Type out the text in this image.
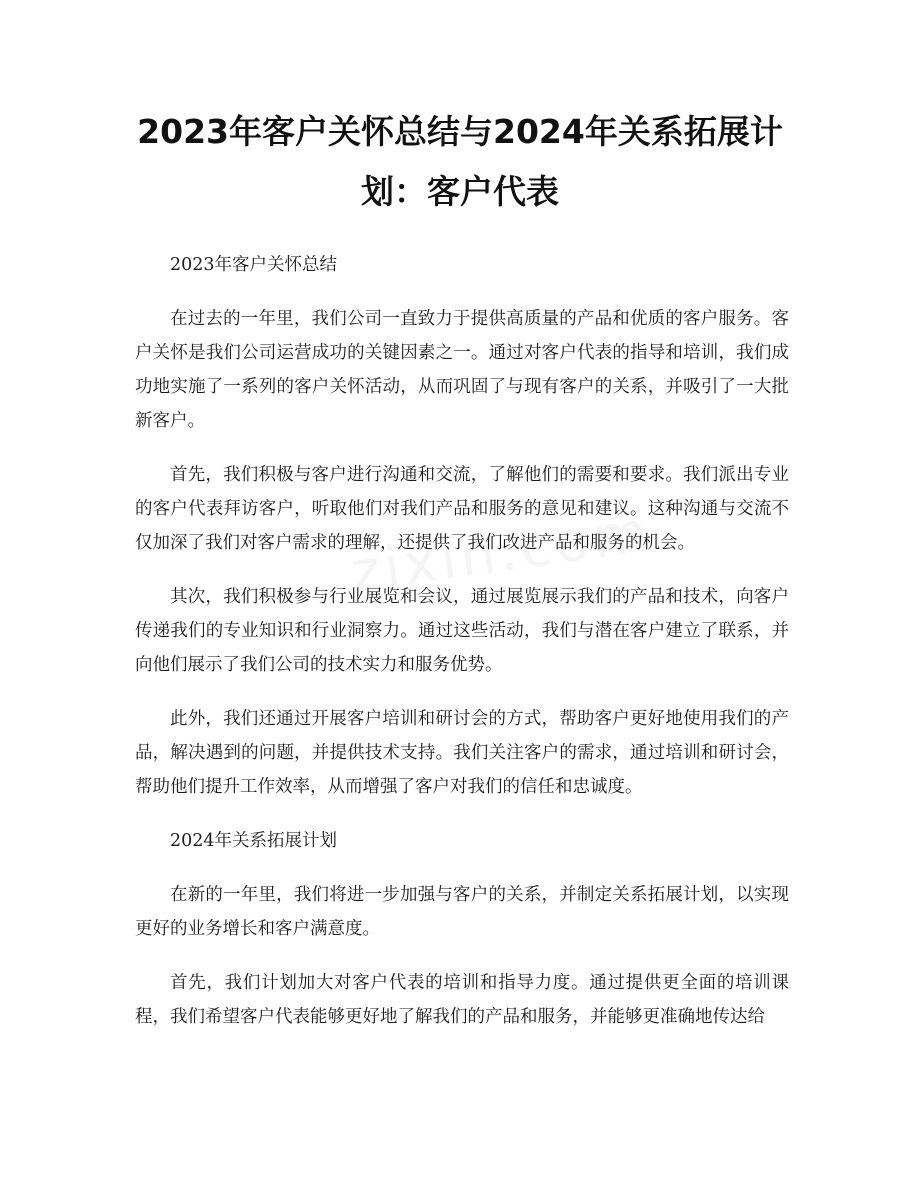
2023年客户关怀总结与2024年关系拓展计划：客户代表

2023年客户关怀总结

在过去的一年里，我们公司一直致力于提供高质量的产品和优质的客户服务。客户关怀是我们公司运营成功的关键因素之一。通过对客户代表的指导和培训，我们成功地实施了一系列的客户关怀活动，从而巩固了与现有客户的关系，并吸引了一大批新客户。

首先，我们积极与客户进行沟通和交流，了解他们的需要和要求。我们派出专业的客户代表拜访客户，听取他们对我们产品和服务的意见和建议。这种沟通与交流不仅加深了我们对客户需求的理解，还提供了我们改进产品和服务的机会。

其次，我们积极参与行业展览和会议，通过展览展示我们的产品和技术，向客户传递我们的专业知识和行业洞察力。通过这些活动，我们与潜在客户建立了联系，并向他们展示了我们公司的技术实力和服务优势。

此外，我们还通过开展客户培训和研讨会的方式，帮助客户更好地使用我们的产品，解决遇到的问题，并提供技术支持。我们关注客户的需求，通过培训和研讨会，帮助他们提升工作效率，从而增强了客户对我们的信任和忠诚度。

2024年关系拓展计划

在新的一年里，我们将进一步加强与客户的关系，并制定关系拓展计划，以实现更好的业务增长和客户满意度。

首先，我们计划加大对客户代表的培训和指导力度。通过提供更全面的培训课程，我们希望客户代表能够更好地了解我们的产品和服务，并能够更准确地传达给
